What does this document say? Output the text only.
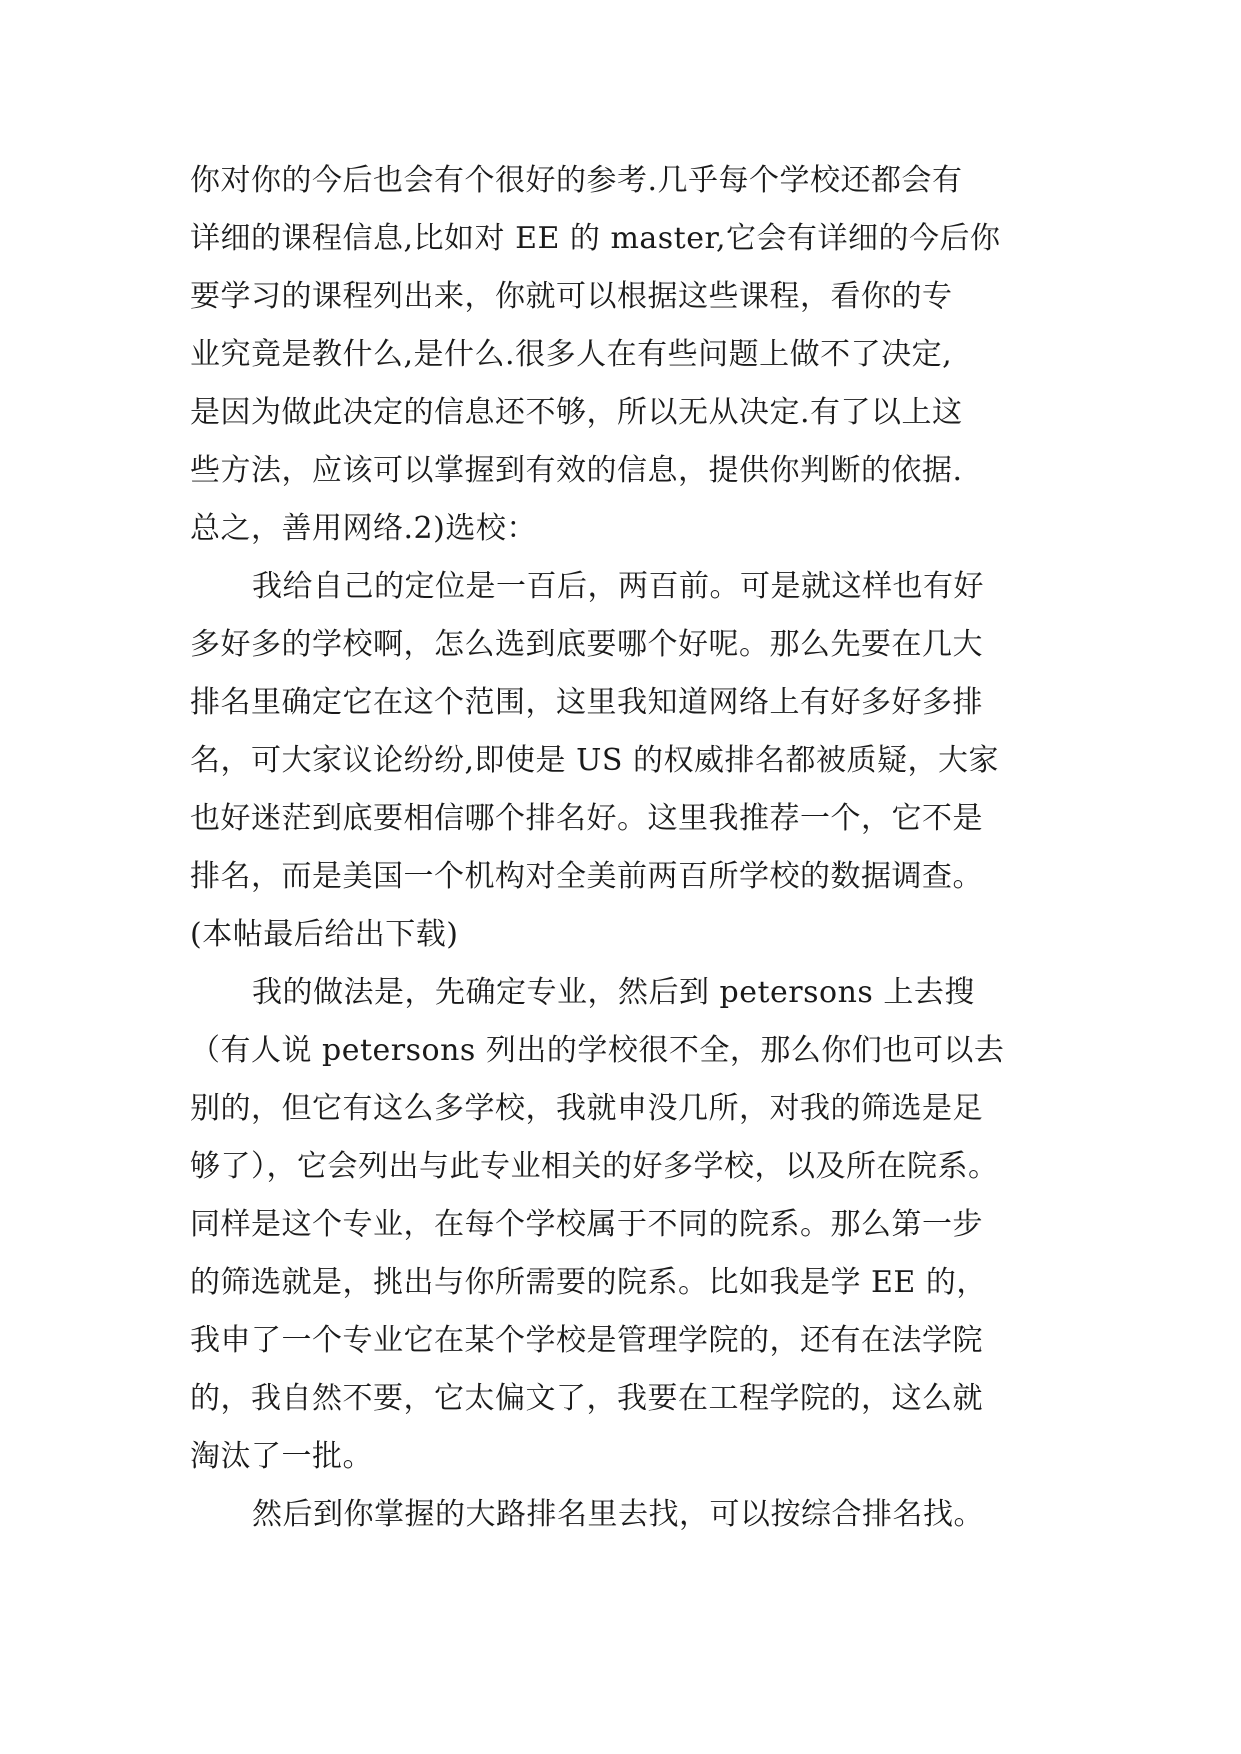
你对你的今后也会有个很好的参考.几乎每个学校还都会有
详细的课程信息,比如对 EE 的 master,它会有详细的今后你
要学习的课程列出来，你就可以根据这些课程，看你的专
业究竟是教什么,是什么.很多人在有些问题上做不了决定,
是因为做此决定的信息还不够，所以无从决定.有了以上这
些方法，应该可以掌握到有效的信息，提供你判断的依据.
总之，善用网络.2)选校：
我给自己的定位是一百后，两百前。可是就这样也有好
多好多的学校啊，怎么选到底要哪个好呢。那么先要在几大
排名里确定它在这个范围，这里我知道网络上有好多好多排
名，可大家议论纷纷,即使是 US 的权威排名都被质疑，大家
也好迷茫到底要相信哪个排名好。这里我推荐一个，它不是
排名，而是美国一个机构对全美前两百所学校的数据调查。
(本帖最后给出下载)
我的做法是，先确定专业，然后到 petersons 上去搜
（有人说 petersons 列出的学校很不全，那么你们也可以去
别的，但它有这么多学校，我就申没几所，对我的筛选是足
够了），它会列出与此专业相关的好多学校，以及所在院系。
同样是这个专业，在每个学校属于不同的院系。那么第一步
的筛选就是，挑出与你所需要的院系。比如我是学 EE 的，
我申了一个专业它在某个学校是管理学院的，还有在法学院
的，我自然不要，它太偏文了，我要在工程学院的，这么就
淘汰了一批。
然后到你掌握的大路排名里去找，可以按综合排名找。
